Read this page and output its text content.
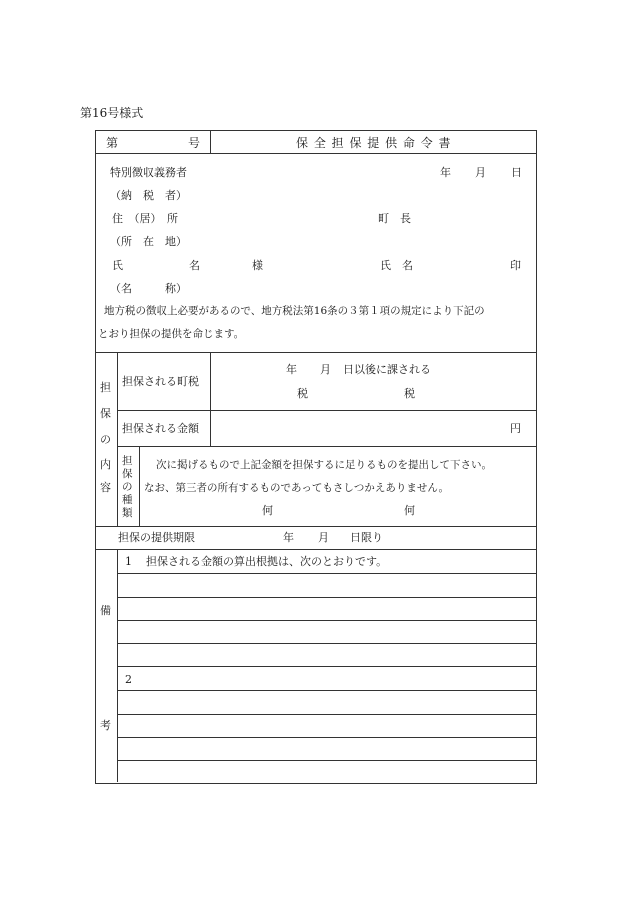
第16号様式
第	号	保 全 担 保 提 供 命 令 書
特別徴収義務者	年 月 日
（納　税　者）
住　（居）　所	町　長
（所　在　地）
氏　　　　　　名	様	氏　名	印
（名　　　称）
地方税の徴収上必要があるので、地方税法第16条の３第１項の規定により下記の
とおり担保の提供を命じます。
担
保
の
内
容
担保される町税
年 月 日以後に課される
税	税
担保される金額	円
担
保
の
種
類
次に掲げるもので上記金額を担保するに足りるものを提出して下さい。
なお、第三者の所有するものであってもさしつかえありません。
何	何
担保の提供期限	年 月 日限り
備
考
1 担保される金額の算出根拠は、次のとおりです。
2
